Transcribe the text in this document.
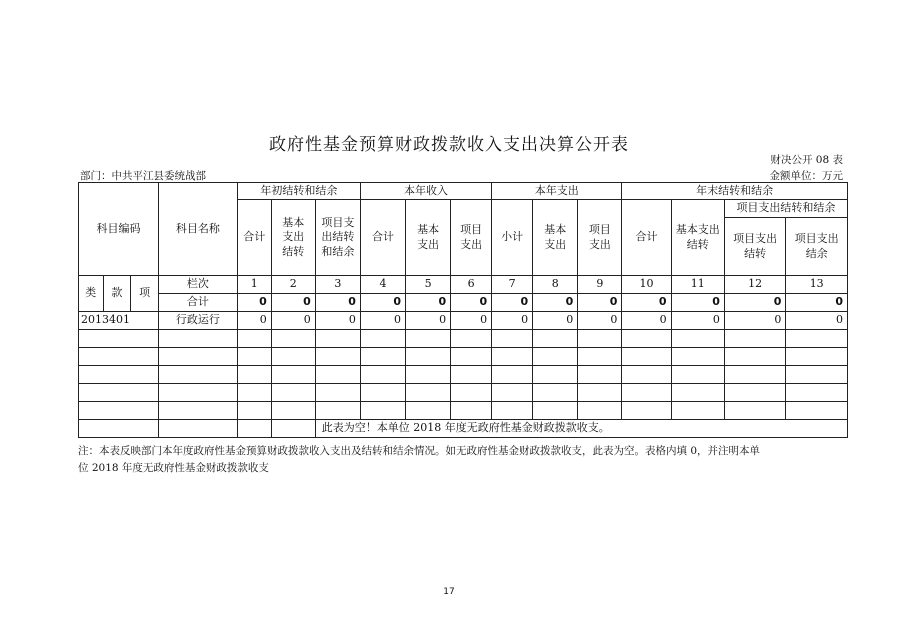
政府性基金预算财政拨款收入支出决算公开表
财决公开 08 表
部门：中共平江县委统战部	金额单位：万元
科目编码			科目名称	年初结转和结余			本年收入			本年支出			年末结转和结余			
				合计	基本支出结转	项目支出结转和结余	合计	基本支出	项目支出	小计	基本支出	项目支出	合计	基本支出结转	项目支出结转和结余	
															项目支出结转	项目支出结余
类	款	项	栏次	1	2	3	4	5	6	7	8	9	10	11	12	13
			合计	0	0	0	0	0	0	0	0	0	0	0	0	0
2013401			行政运行	0	0	0	0	0	0	0	0	0	0	0	0	0

						此表为空！本单位 2018 年度无政府性基金财政拨款收支。										
注：本表反映部门本年度政府性基金预算财政拨款收入支出及结转和结余情况。如无政府性基金财政拨款收支，此表为空。表格内填 0，并注明本单
位 2018 年度无政府性基金财政拨款收支
17
